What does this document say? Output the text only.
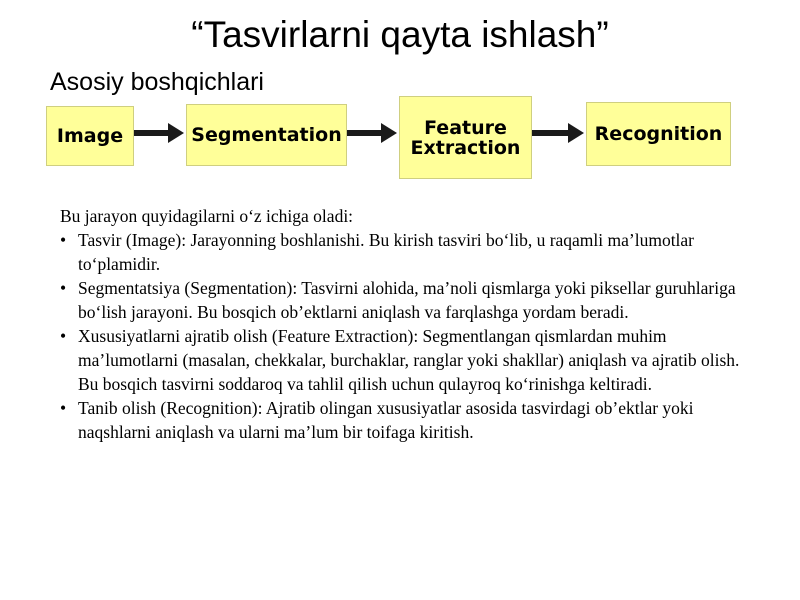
“Tasvirlarni qayta ishlash”
Asosiy boshqichlari
Image	Segmentation	Feature
Extraction
Recognition

Bu jarayon quyidagilarni o‘z ichiga oladi:

• Tasvir (Image): Jarayonning boshlanishi. Bu kirish tasviri bo‘lib, u raqamli ma’lumotlar to‘plamidir.
• Segmentatsiya (Segmentation): Tasvirni alohida, ma’noli qismlarga yoki piksellar guruhlariga bo‘lish jarayoni. Bu bosqich ob’ektlarni aniqlash va farqlashga yordam beradi.
• Xususiyatlarni ajratib olish (Feature Extraction): Segmentlangan qismlardan muhim ma’lumotlarni (masalan, chekkalar, burchaklar, ranglar yoki shakllar) aniqlash va ajratib olish. Bu bosqich tasvirni soddaroq va tahlil qilish uchun qulayroq ko‘rinishga keltiradi.
• Tanib olish (Recognition): Ajratib olingan xususiyatlar asosida tasvirdagi ob’ektlar yoki naqshlarni aniqlash va ularni ma’lum bir toifaga kiritish.
